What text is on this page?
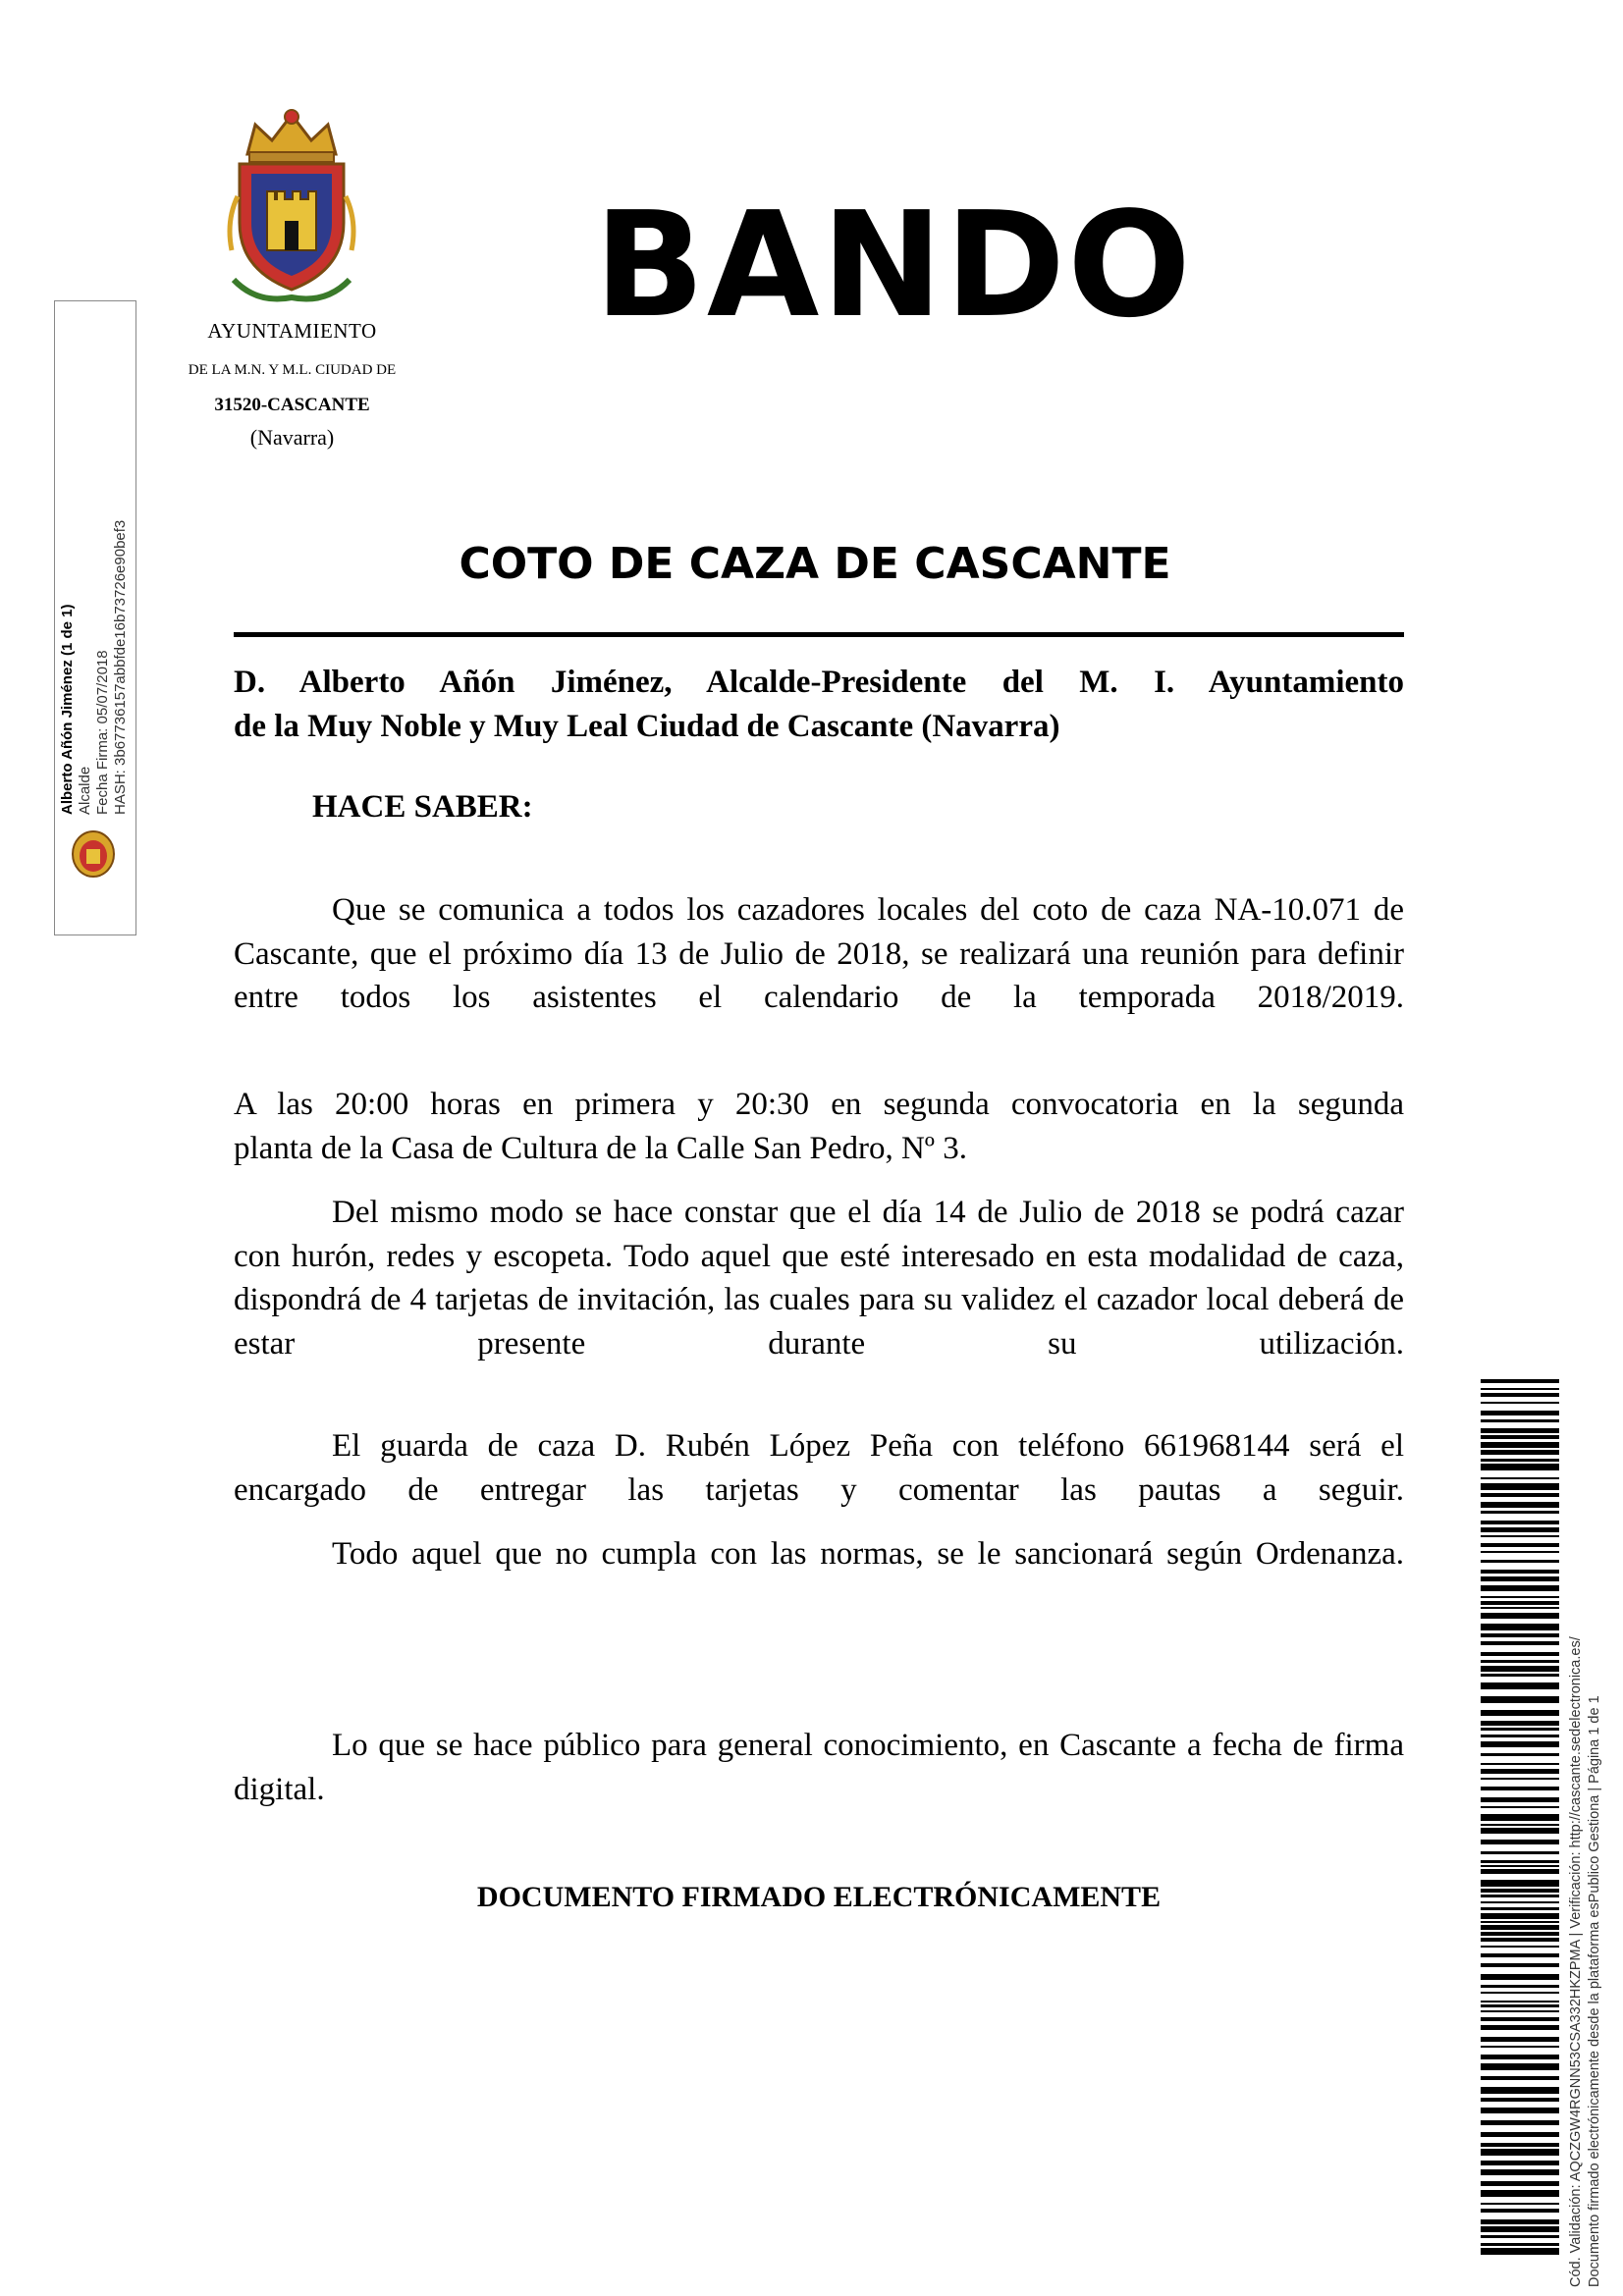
AYUNTAMIENTO
DE LA M.N. Y M.L. CIUDAD DE
31520-CASCANTE
(Navarra)
BANDO
COTO DE CAZA DE CASCANTE
Alberto Añón Jiménez (1 de 1) Alcalde Fecha Firma: 05/07/2018 HASH: 3b67736157abbfde16b73726e90bef3	D. Alberto Añón Jiménez, Alcalde-Presidente del M. I. Ayuntamiento
de la Muy Noble y Muy Leal Ciudad de Cascante (Navarra)
HACE SABER:
Que se comunica a todos los cazadores locales del coto de caza NA-10.071 de Cascante, que el próximo día 13 de Julio de 2018, se realizará una reunión para definir entre todos los asistentes el calendario de la temporada 2018/2019.
A las 20:00 horas en primera y 20:30 en segunda convocatoria en la segunda
planta de la Casa de Cultura de la Calle San Pedro, Nº 3.
Del mismo modo se hace constar que el día 14 de Julio de 2018 se podrá cazar con hurón, redes y escopeta. Todo aquel que esté interesado en esta modalidad de caza, dispondrá de 4 tarjetas de invitación, las cuales para su validez el cazador local deberá de estar presente durante su utilización.
El guarda de caza D. Rubén López Peña con teléfono 661968144 será el encargado de entregar las tarjetas y comentar las pautas a seguir.
Todo aquel que no cumpla con las normas, se le sancionará según Ordenanza.
Lo que se hace público para general conocimiento, en Cascante a fecha de firma digital.
DOCUMENTO FIRMADO ELECTRÓNICAMENTE	Cód. Validación: AQCZGW4RGNN53CSA332HKZPMA | Verificación: http://cascante.sedelectronica.es/ Documento firmado electrónicamente desde la plataforma esPublico Gestiona | Página 1 de 1
